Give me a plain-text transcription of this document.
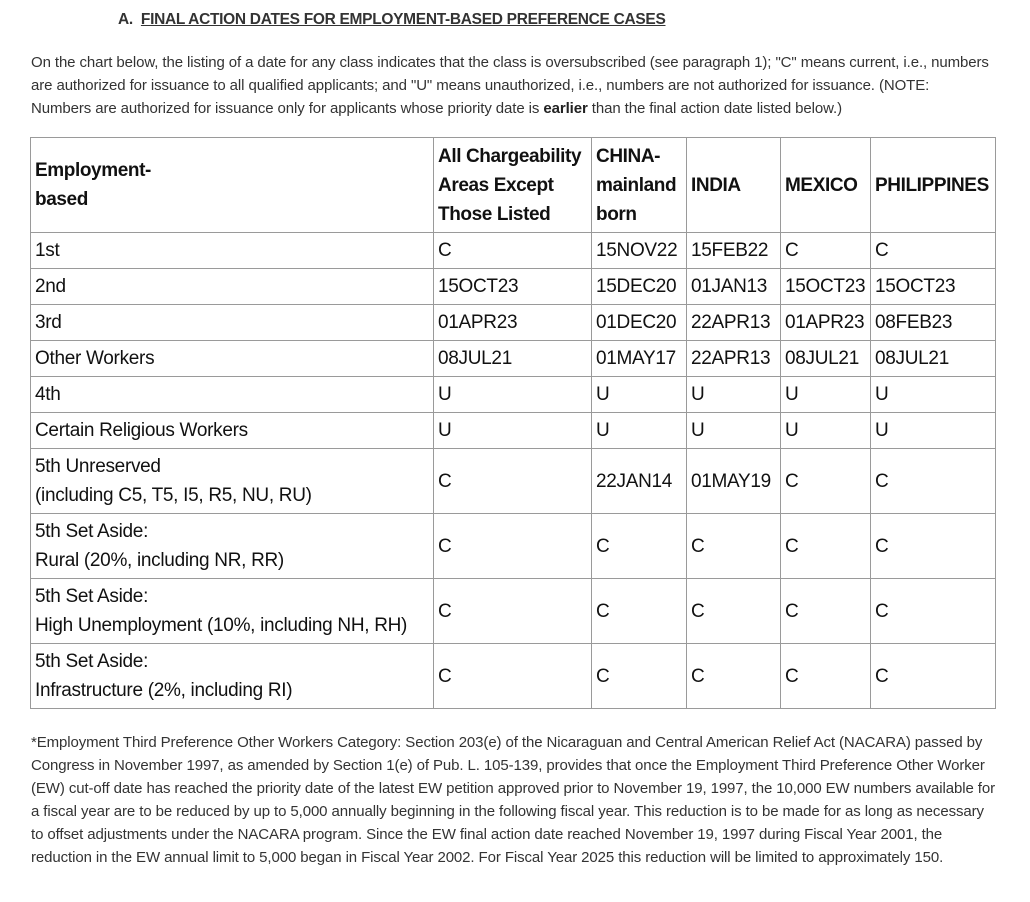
A. FINAL ACTION DATES FOR EMPLOYMENT-BASED PREFERENCE CASES
On the chart below, the listing of a date for any class indicates that the class is oversubscribed (see paragraph 1); "C" means current, i.e., numbers are authorized for issuance to all qualified applicants; and "U" means unauthorized, i.e., numbers are not authorized for issuance. (NOTE: Numbers are authorized for issuance only for applicants whose priority date is earlier than the final action date listed below.)
Employment-
based	All Chargeability
Areas Except
Those Listed	CHINA-
mainland
born	INDIA	MEXICO	PHILIPPINES
1st	C	15NOV22	15FEB22	C	C
2nd	15OCT23	15DEC20	01JAN13	15OCT23	15OCT23
3rd	01APR23	01DEC20	22APR13	01APR23	08FEB23
Other Workers	08JUL21	01MAY17	22APR13	08JUL21	08JUL21
4th	U	U	U	U	U
Certain Religious Workers	U	U	U	U	U
5th Unreserved
(including C5, T5, I5, R5, NU, RU)	C	22JAN14	01MAY19	C	C
5th Set Aside:
Rural (20%, including NR, RR)	C	C	C	C	C
5th Set Aside:
High Unemployment (10%, including NH, RH)	C	C	C	C	C
5th Set Aside:
Infrastructure (2%, including RI)	C	C	C	C	C
*Employment Third Preference Other Workers Category: Section 203(e) of the Nicaraguan and Central American Relief Act (NACARA) passed by Congress in November 1997, as amended by Section 1(e) of Pub. L. 105-139, provides that once the Employment Third Preference Other Worker (EW) cut-off date has reached the priority date of the latest EW petition approved prior to November 19, 1997, the 10,000 EW numbers available for a fiscal year are to be reduced by up to 5,000 annually beginning in the following fiscal year. This reduction is to be made for as long as necessary to offset adjustments under the NACARA program. Since the EW final action date reached November 19, 1997 during Fiscal Year 2001, the reduction in the EW annual limit to 5,000 began in Fiscal Year 2002. For Fiscal Year 2025 this reduction will be limited to approximately 150.
